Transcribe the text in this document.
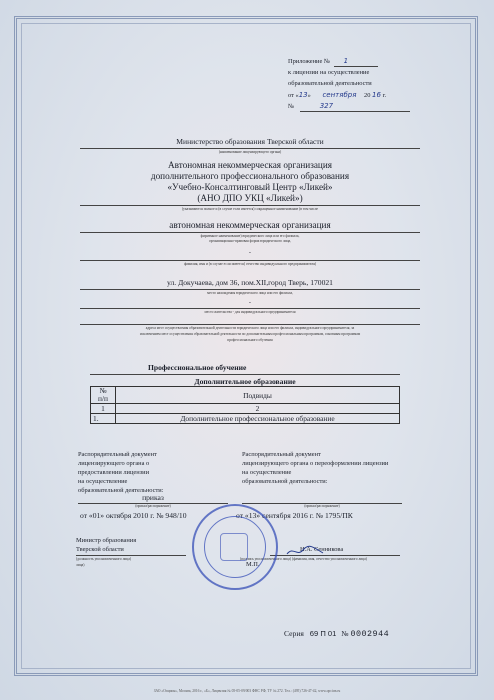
Приложение № 1
к лицензии на осуществление
образовательной деятельности
от «13» сентября 20 16 г.
№	327
Министерство образования Тверской области
(наименование лицензирующего органа)
Автономная некоммерческая организация
дополнительного профессионального образования
«Учебно-Консалтинговый Центр «Ликей»
(АНО ДПО УКЦ «Ликей»)
(указываются полное и (в случае если имеется) сокращенное наименование (в том числе
автономная некоммерческая организация
фирменное наименование) юридического лица или его филиала,
организационно-правовая форма юридического лица,
-
фамилия, имя и (в случае если имеется) отчество индивидуального предпринимателя)
ул. Докучаева, дом 36, пом.XII,город Тверь, 170021
место нахождения юридического лица или его филиала,
-
место жительства - для индивидуального предпринимателя
адреса мест осуществления образовательной деятельности юридического лица или его филиала, индивидуального предпринимателя, за
исключением мест осуществления образовательной деятельности по дополнительным профессиональным программам, основным программам
профессионального обучения
Профессиональное обучение
Дополнительное образование
№
п/п	Подвиды
1	2
1.	Дополнительное профессиональное образование
Распорядительный документ
лицензирующего органа о
предоставлении лицензии
на осуществление
образовательной деятельности:
приказ
(приказ/распоряжение)
от «01» октября 2010 г. № 948/10
Распорядительный документ
лицензирующего органа о переоформлении лицензии
на осуществление
образовательной деятельности:
(приказ/распоряжение)
от «13» сентября 2016 г. № 1795/ПК
Министр образования
Тверской области
(должность уполномоченного лица)
лица)
Н.А. Сенникова
(подпись уполномоченного лица) (фамилия, имя, отчество уполномоченного лица)
М.П.
Серия 69 П 01 № 0002944
ЗАО «Опцион», Москва, 2016 г., «Б», Лицензия № 05-05-09/003 ФНС РФ, ТУ № 272. Тел.: (495) 726-47-42, www.opcion.ru
